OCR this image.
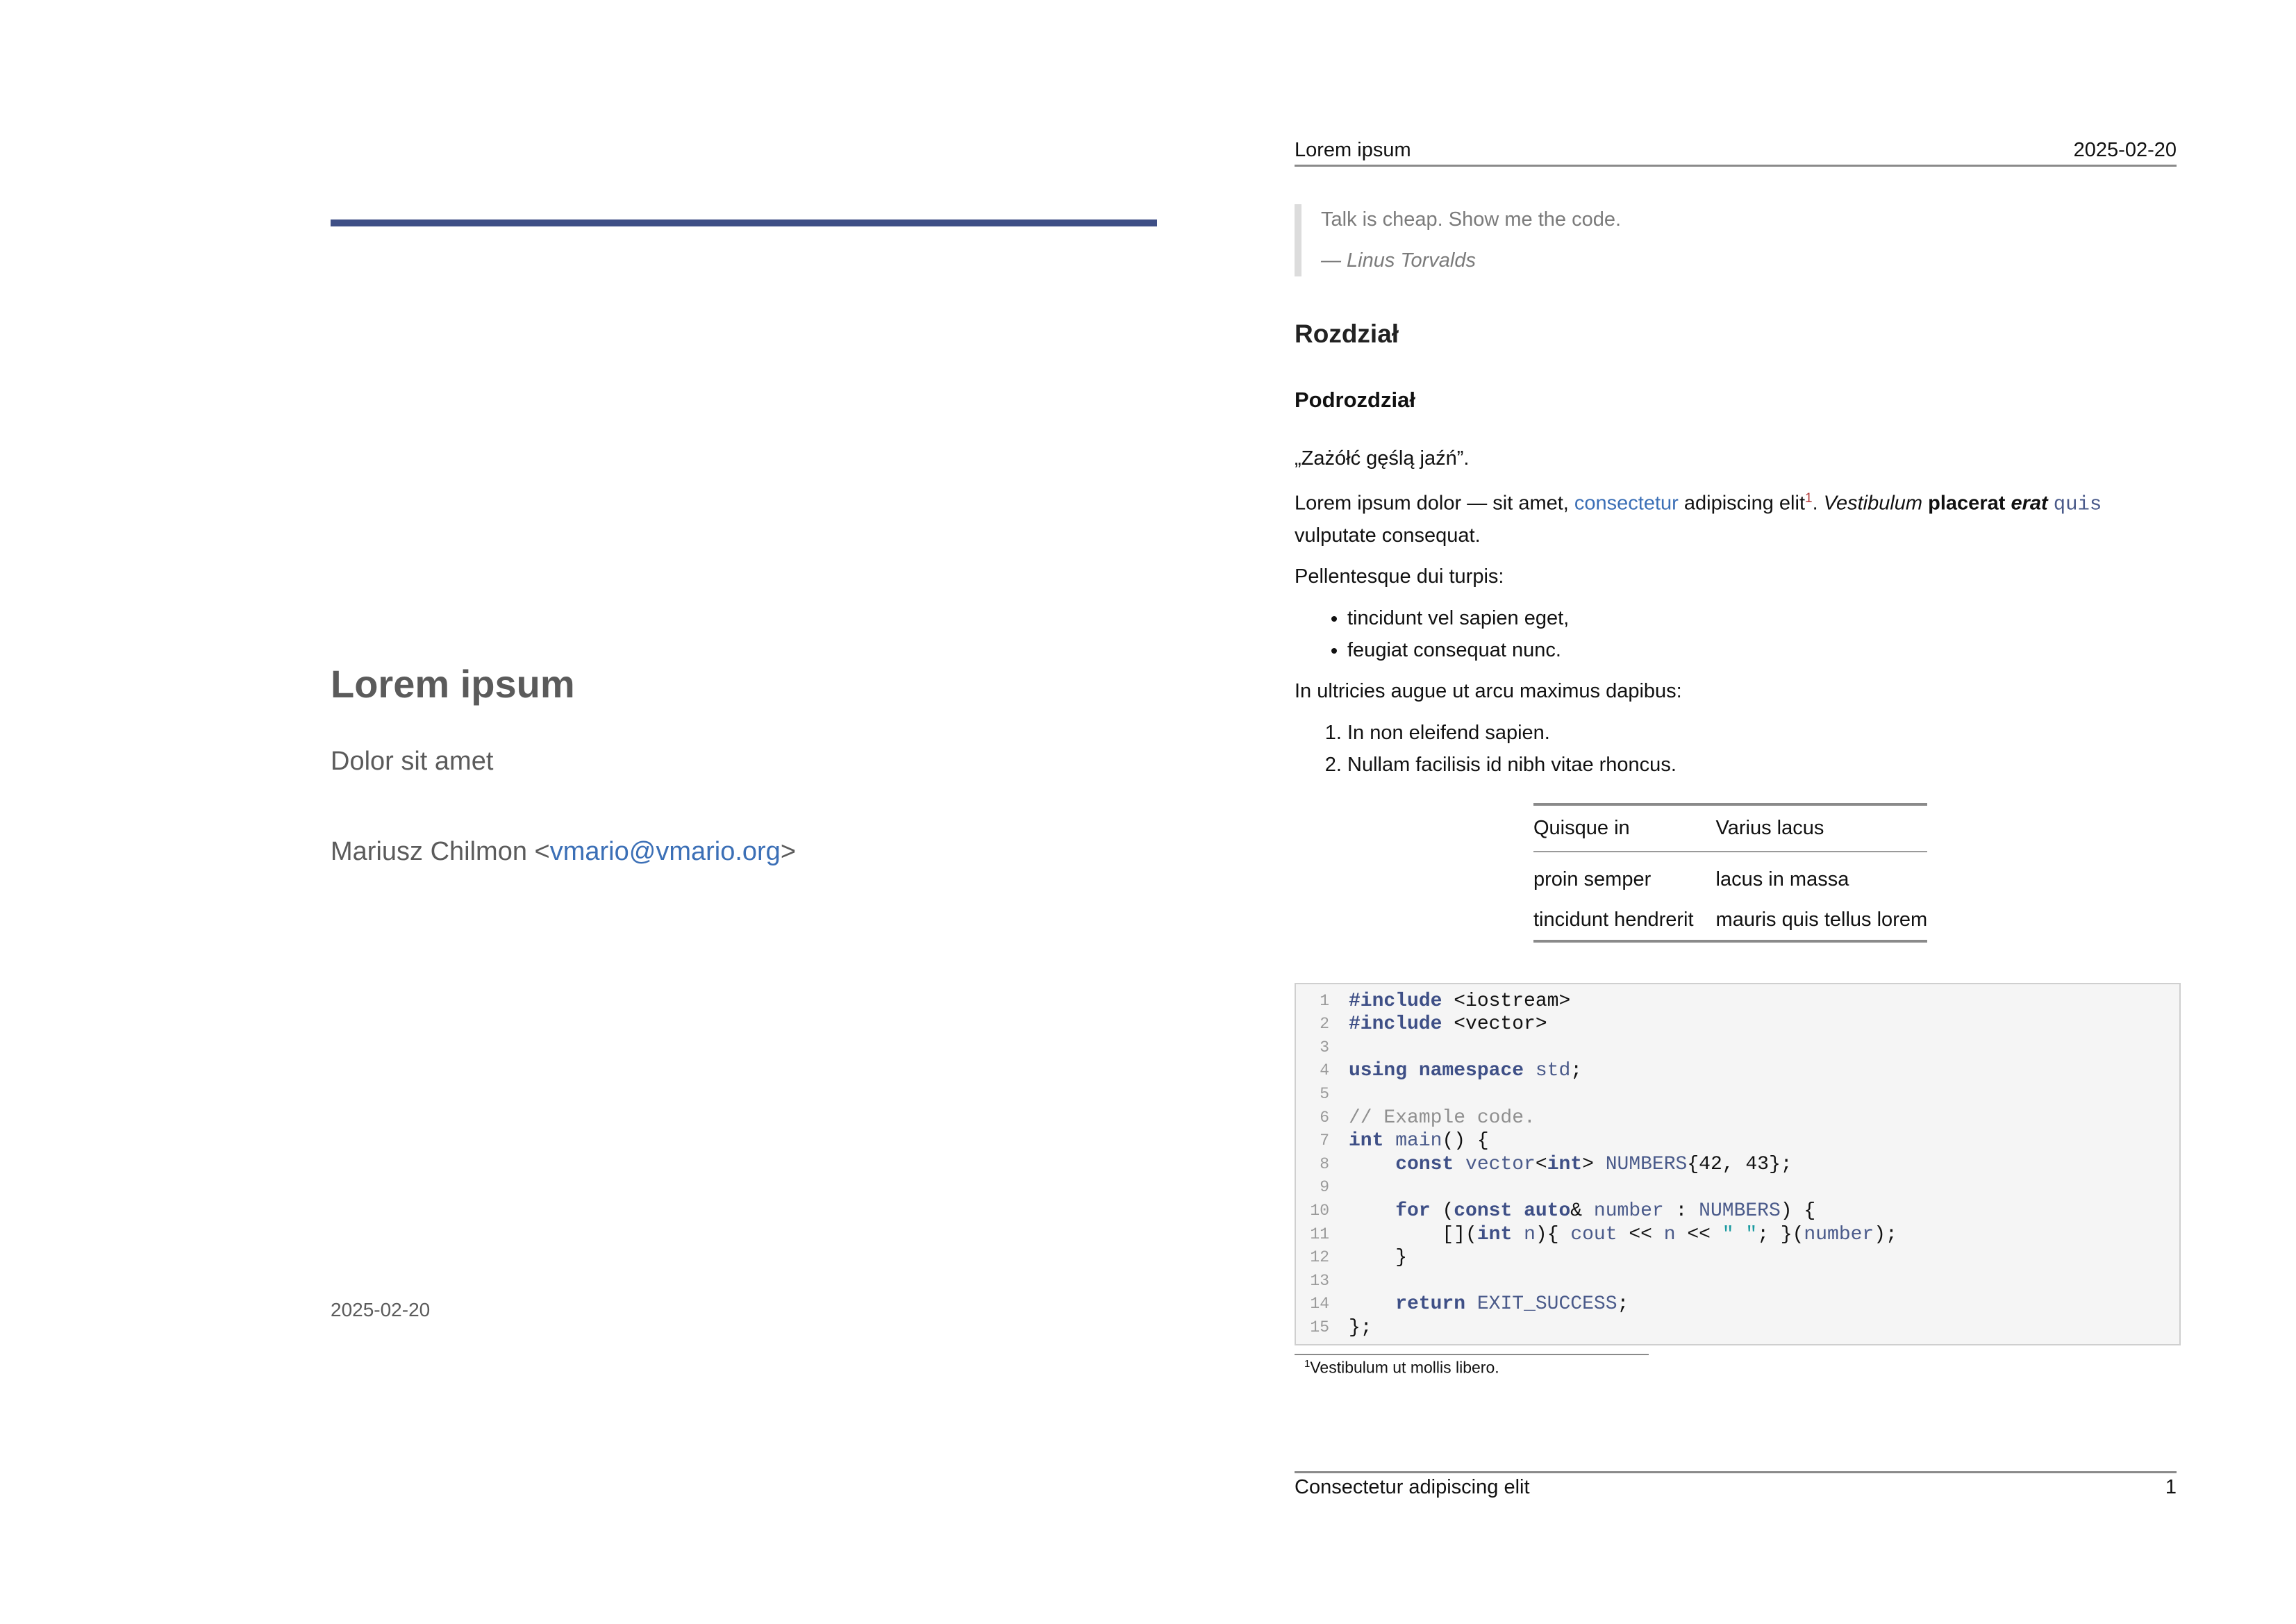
Lorem ipsum
Dolor sit amet
Mariusz Chilmon <vmario@vmario.org>
2025-02-20
Lorem ipsum	2025-02-20

Talk is cheap. Show me the code.

— Linus Torvalds

Rozdział
Podrozdział

„Zażółć gęślą jaźń”.

Lorem ipsum dolor — sit amet, consectetur adipiscing elit$^1$. Vestibulum placerat erat quis vulputate consequat.

Pellentesque dui turpis:

• tincidunt vel sapien eget,
• feugiat consequat nunc.

In ultricies augue ut arcu maximus dapibus:

1. In non eleifend sapien.
2. Nullam facilisis id nibh vitae rhoncus.
Quisque in	Varius lacus
proin semper	lacus in massa
tincidunt hendrerit	mauris quis tellus lorem
1	#include <iostream>
2	#include <vector>
3

4	using namespace std;
5

6	// Example code.
7	int main() {
8	const vector<int> NUMBERS{42, 43};
9

10	for (const auto& number : NUMBERS) {
11	[](int n){ cout << n << " "; }(number);
12	}
13

14	return EXIT_SUCCESS;
15	};
$^1$Vestibulum ut mollis libero.
Consectetur adipiscing elit	1
